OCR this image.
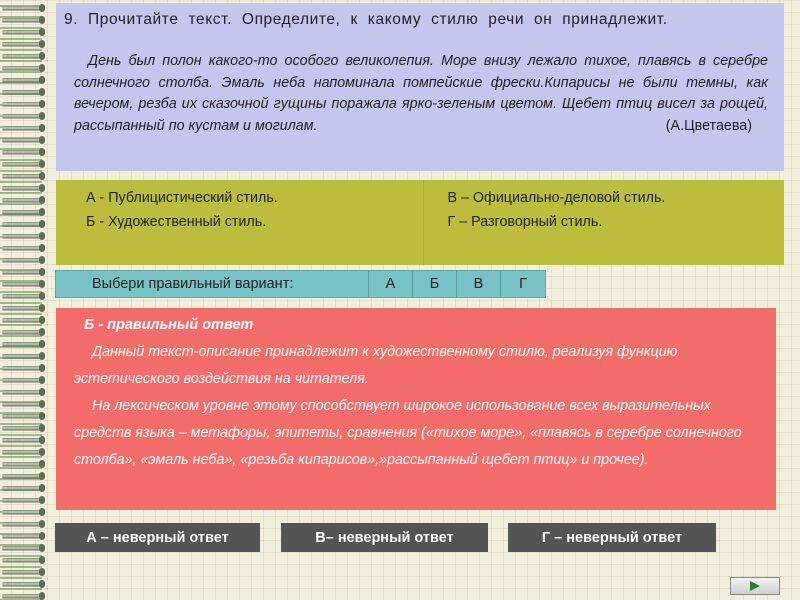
9. Прочитайте текст. Определите, к какому стилю речи он принадлежит.

День был полон какого-то особого великолепия. Море внизу лежало тихое, плавясь в серебре солнечного столба. Эмаль неба напоминала помпейские фрески.Кипарисы не были темны, как вечером, резба их сказочной гущины поражала ярко-зеленым цветом. Щебет птиц висел за рощей, рассыпанный по кустам и могилам.	(А.Цветаева)

А - Публицистический стиль.
Б - Художественный стиль.
В – Официально-деловой стиль.
Г – Разговорный стиль.
Выбери правильный вариант:	А	Б	В	Г
Б - правильный ответ
Данный текст-описание принадлежит к художественному стилю, реализуя функцию эстетического воздействия на читателя.
На лексическом уровне этому способствует широкое использование всех выразительных средств языка – метафоры, эпитеты, сравнения («тихое море», «плавясь в серебре солнечного столба», «эмаль неба», «резьба кипарисов»,»рассыпанный щебет птиц» и прочее).
А – неверный ответ	В– неверный ответ	Г – неверный ответ
